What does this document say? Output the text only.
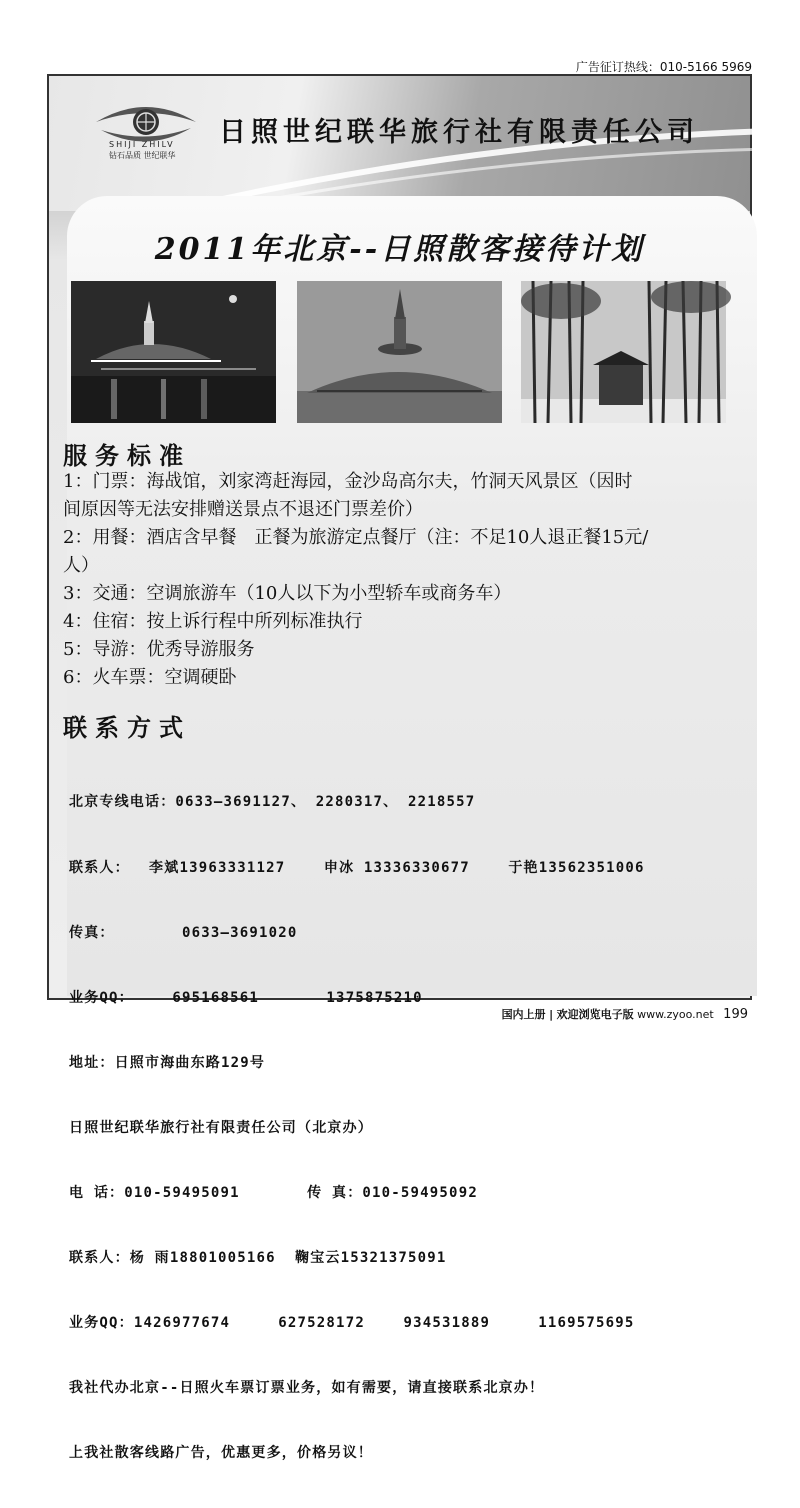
广告征订热线：010-5166 5969
SHIJI ZHILV
钻石品质 世纪联华
日照世纪联华旅行社有限责任公司
2011年北京--日照散客接待计划
服务标准
1：门票：海战馆，刘家湾赶海园，金沙岛高尔夫，竹洞天风景区（因时
间原因等无法安排赠送景点不退还门票差价）
2：用餐：酒店含早餐　正餐为旅游定点餐厅（注：不足10人退正餐15元/
人）
3：交通：空调旅游车（10人以下为小型轿车或商务车）
4：住宿：按上诉行程中所列标准执行
5：导游：优秀导游服务
6：火车票：空调硬卧
联系方式

北京专线电话：0633—3691127、 2280317、 2218557

联系人：  李斌13963331127    申冰 13336330677    于艳13562351006

传真：       0633—3691020

业务QQ：    695168561       1375875210

地址：日照市海曲东路129号

日照世纪联华旅行社有限责任公司（北京办）

电 话：010-59495091       传 真：010-59495092

联系人：杨 雨18801005166  鞠宝云15321375091

业务QQ：1426977674     627528172    934531889     1169575695

我社代办北京--日照火车票订票业务，如有需要，请直接联系北京办！

上我社散客线路广告，优惠更多，价格另议！

国内上册 | 欢迎浏览电子版 www.zyoo.net 199
